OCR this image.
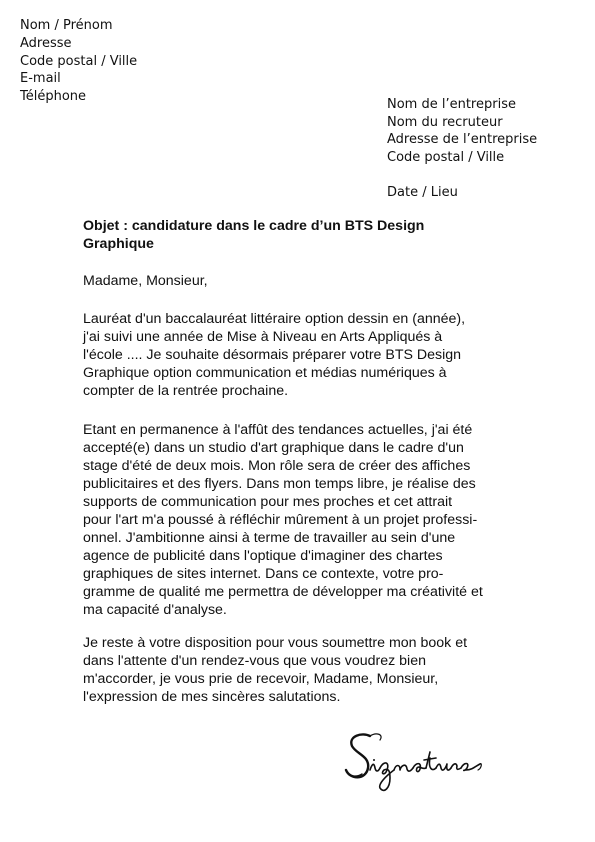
Nom / Prénom
Adresse
Code postal / Ville
E-mail
Téléphone
Nom de l’entreprise
Nom du recruteur
Adresse de l’entreprise
Code postal / Ville
Date / Lieu
Objet : candidature dans le cadre d’un BTS Design
Graphique
Madame, Monsieur,
Lauréat d'un baccalauréat littéraire option dessin en (année),
j'ai suivi une année de Mise à Niveau en Arts Appliqués à
l'école .... Je souhaite désormais préparer votre BTS Design
Graphique option communication et médias numériques à
compter de la rentrée prochaine.
Etant en permanence à l'affût des tendances actuelles, j'ai été
accepté(e) dans un studio d'art graphique dans le cadre d'un
stage d'été de deux mois. Mon rôle sera de créer des affiches
publicitaires et des flyers. Dans mon temps libre, je réalise des
supports de communication pour mes proches et cet attrait
pour l'art m'a poussé à réfléchir mûrement à un projet professi-
onnel. J'ambitionne ainsi à terme de travailler au sein d'une
agence de publicité dans l'optique d'imaginer des chartes
graphiques de sites internet. Dans ce contexte, votre pro-
gramme de qualité me permettra de développer ma créativité et
ma capacité d'analyse.
Je reste à votre disposition pour vous soumettre mon book et
dans l'attente d'un rendez-vous que vous voudrez bien
m'accorder, je vous prie de recevoir, Madame, Monsieur,
l'expression de mes sincères salutations.
